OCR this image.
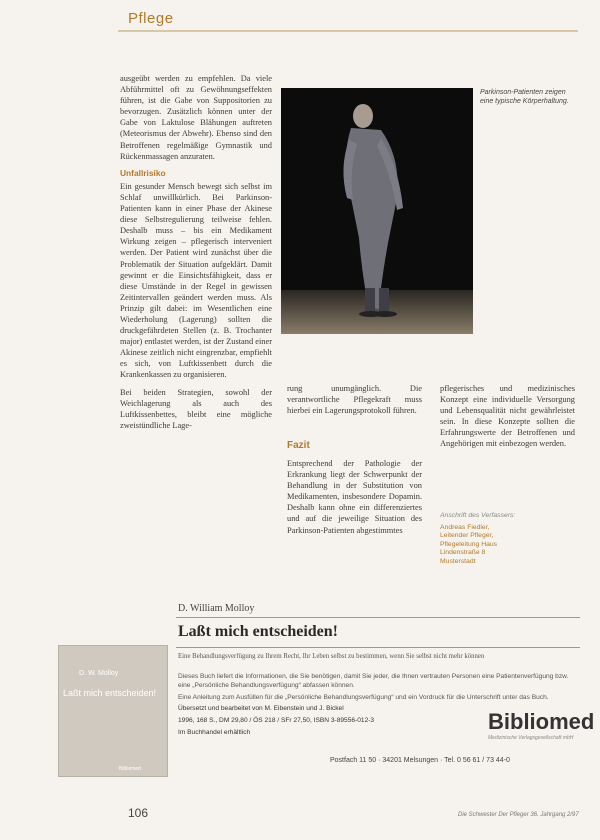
Pflege

ausgeübt werden zu empfehlen. Da viele Abführmittel oft zu Gewöhnungseffekten führen, ist die Gabe von Suppositorien zu bevorzugen. Zusätzlich können unter der Gabe von Laktulose Blähungen auftreten (Meteorismus der Abwehr). Ebenso sind den Betroffenen regelmäßige Gymnastik und Rückenmassagen anzuraten.

Unfallrisiko

Ein gesunder Mensch bewegt sich selbst im Schlaf unwillkürlich. Bei Parkinson-Patienten kann in einer Phase der Akinese diese Selbstregulierung teilweise fehlen. Deshalb muss – bis ein Medikament Wirkung zeigen – pflegerisch interveniert werden. Der Patient wird zunächst über die Problematik der Situation aufgeklärt. Damit gewinnt er die Einsichtsfähigkeit, dass er diese Umstände in der Regel in gewissen Zeitintervallen geändert werden muss. Als Prinzip gilt dabei: im Wesentlichen eine Wiederholung (Lagerung) sollten die druckgefährdeten Stellen (z. B. Trochanter major) entlastet werden, ist der Zustand einer Akinese zeitlich nicht eingrenzbar, empfiehlt es sich, von Luftkissenbett durch die Krankenkassen zu organisieren.

Bei beiden Strategien, sowohl der Weichlagerung als auch des Luftkissenbettes, bleibt eine mögliche zweistündliche Lage-

Parkinson-Patienten zeigen eine typische Körperhaltung.

rung unumgänglich. Die verantwortliche Pflegekraft muss hierbei ein Lagerungsprotokoll führen.

Fazit

Entsprechend der Pathologie der Erkrankung liegt der Schwerpunkt der Behandlung in der Substitution von Medikamenten, insbesondere Dopamin. Deshalb kann ohne ein differenziertes und auf die jeweilige Situation des Parkinson-Patienten abgestimmtes

pflegerisches und medizinisches Konzept eine individuelle Versorgung und Lebensqualität nicht gewährleistet sein. In diese Konzepte sollten die Erfahrungswerte der Betroffenen und Angehörigen mit einbezogen werden.

Anschrift des Verfassers:
Andreas Fiedler,
Leitender Pfleger,
Pflegeleitung Haus
Lindenstraße 8
Musterstadt
D. William Molloy
Laßt mich entscheiden!
Eine Behandlungsverfügung zu Ihrem Recht, Ihr Leben selbst zu bestimmen, wenn Sie selbst nicht mehr können
D. W. Molloy
Laßt mich entscheiden!
Bibliomed

Dieses Buch liefert die Informationen, die Sie benötigen, damit Sie jeder, die Ihnen vertrauten Personen eine Patientenverfügung bzw. eine „Persönliche Behandlungsverfügung“ abfassen können.

Eine Anleitung zum Ausfüllen für die „Persönliche Behandlungsverfügung“ und ein Vordruck für die Unterschrift unter das Buch.

Übersetzt und bearbeitet von M. Eibenstein und J. Bickel

1996, 168 S., DM 29,80 / ÖS 218 / SFr 27,50, ISBN 3-89556-012-3

Im Buchhandel erhältlich	Bibliomed
Medizinische Verlagsgesellschaft mbH
Postfach 11 50 · 34201 Melsungen · Tel. 0 56 61 / 73 44-0
106	Die Schwester Der Pfleger 36. Jahrgang 2/97
